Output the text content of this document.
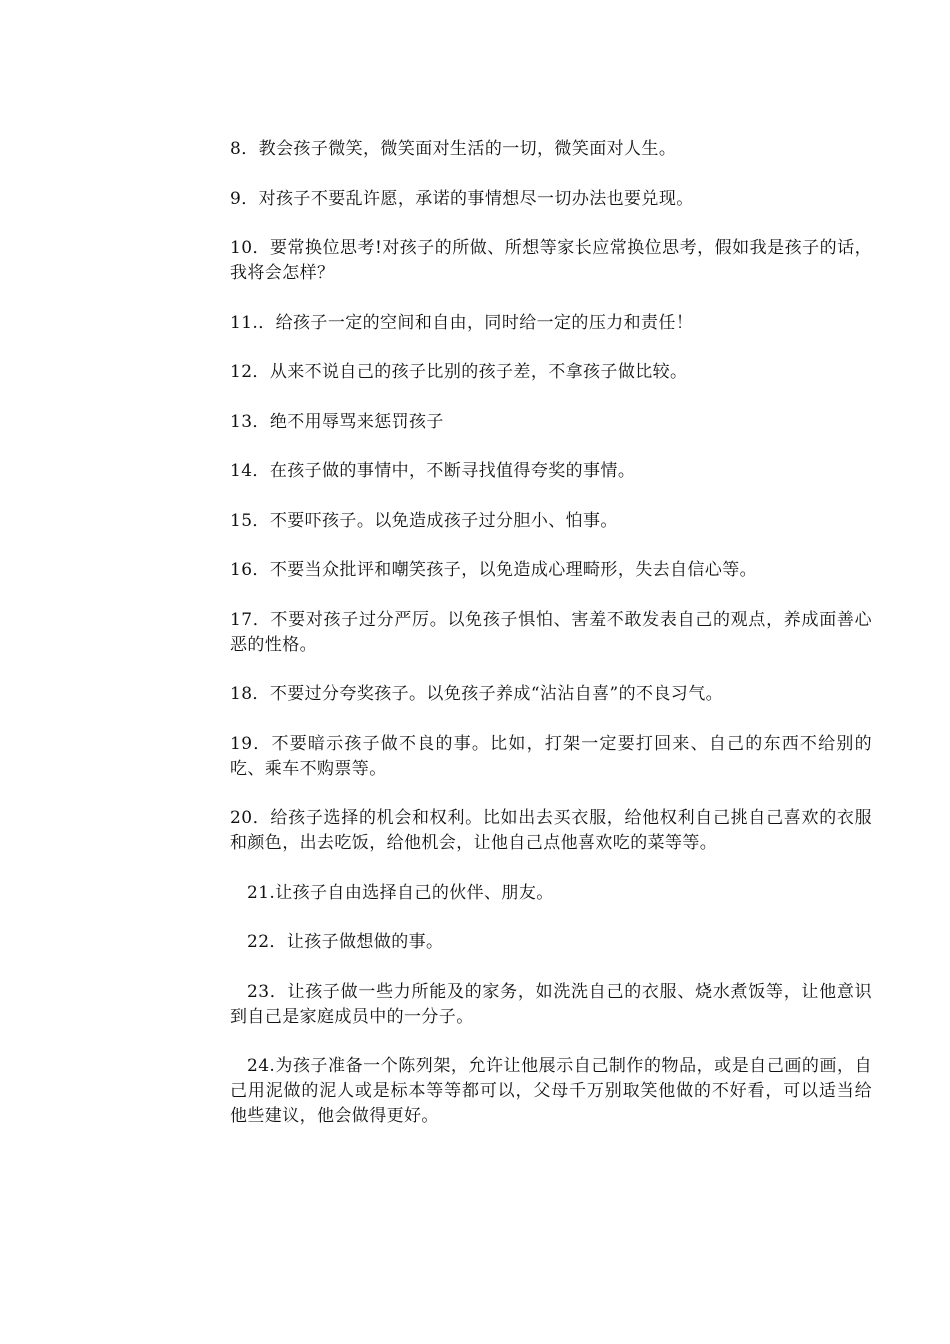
8．教会孩子微笑，微笑面对生活的一切，微笑面对人生。

9．对孩子不要乱许愿，承诺的事情想尽一切办法也要兑现。

10．要常换位思考!对孩子的所做、所想等家长应常换位思考，假如我是孩子的话，我将会怎样？

11.．给孩子一定的空间和自由，同时给一定的压力和责任！

12．从来不说自己的孩子比别的孩子差，不拿孩子做比较。

13．绝不用辱骂来惩罚孩子

14．在孩子做的事情中，不断寻找值得夸奖的事情。

15．不要吓孩子。以免造成孩子过分胆小、怕事。

16．不要当众批评和嘲笑孩子，以免造成心理畸形，失去自信心等。

17．不要对孩子过分严厉。以免孩子惧怕、害羞不敢发表自己的观点，养成面善心恶的性格。

18．不要过分夸奖孩子。以免孩子养成“沾沾自喜”的不良习气。

19．不要暗示孩子做不良的事。比如，打架一定要打回来、自己的东西不给别的吃、乘车不购票等。

20．给孩子选择的机会和权利。比如出去买衣服，给他权利自己挑自己喜欢的衣服和颜色，出去吃饭，给他机会，让他自己点他喜欢吃的菜等等。

21.让孩子自由选择自己的伙伴、朋友。

22．让孩子做想做的事。

23．让孩子做一些力所能及的家务，如洗洗自己的衣服、烧水煮饭等，让他意识到自己是家庭成员中的一分子。

24.为孩子准备一个陈列架，允许让他展示自己制作的物品，或是自己画的画，自己用泥做的泥人或是标本等等都可以，父母千万别取笑他做的不好看，可以适当给他些建议，他会做得更好。
